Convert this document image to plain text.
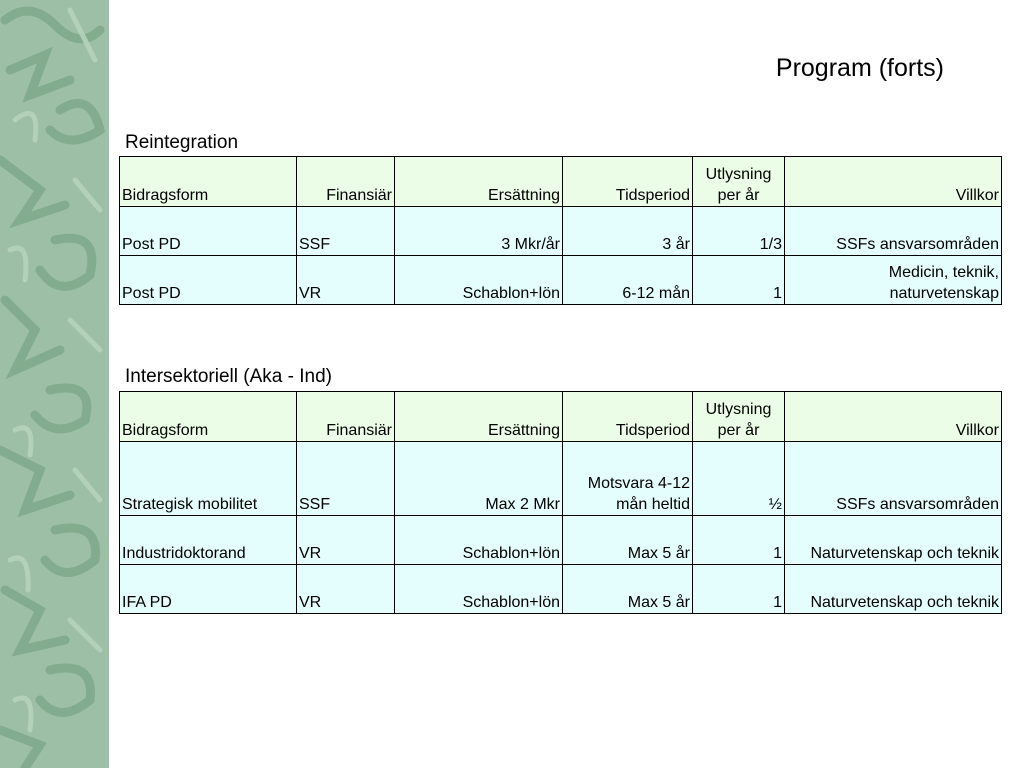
Program (forts)
Reintegration
Bidragsform	Finansiär	Ersättning	Tidsperiod	Utlysning per år	Villkor
Post PD	SSF	3 Mkr/år	3 år	1/3	SSFs ansvarsområden
Post PD	VR	Schablon+lön	6-12 mån	1	Medicin, teknik, naturvetenskap
Intersektoriell (Aka - Ind)
Bidragsform	Finansiär	Ersättning	Tidsperiod	Utlysning per år	Villkor
Strategisk mobilitet	SSF	Max 2 Mkr	Motsvara 4-12 mån heltid	½	SSFs ansvarsområden
Industridoktorand	VR	Schablon+lön	Max 5 år	1	Naturvetenskap och teknik
IFA PD	VR	Schablon+lön	Max 5 år	1	Naturvetenskap och teknik
